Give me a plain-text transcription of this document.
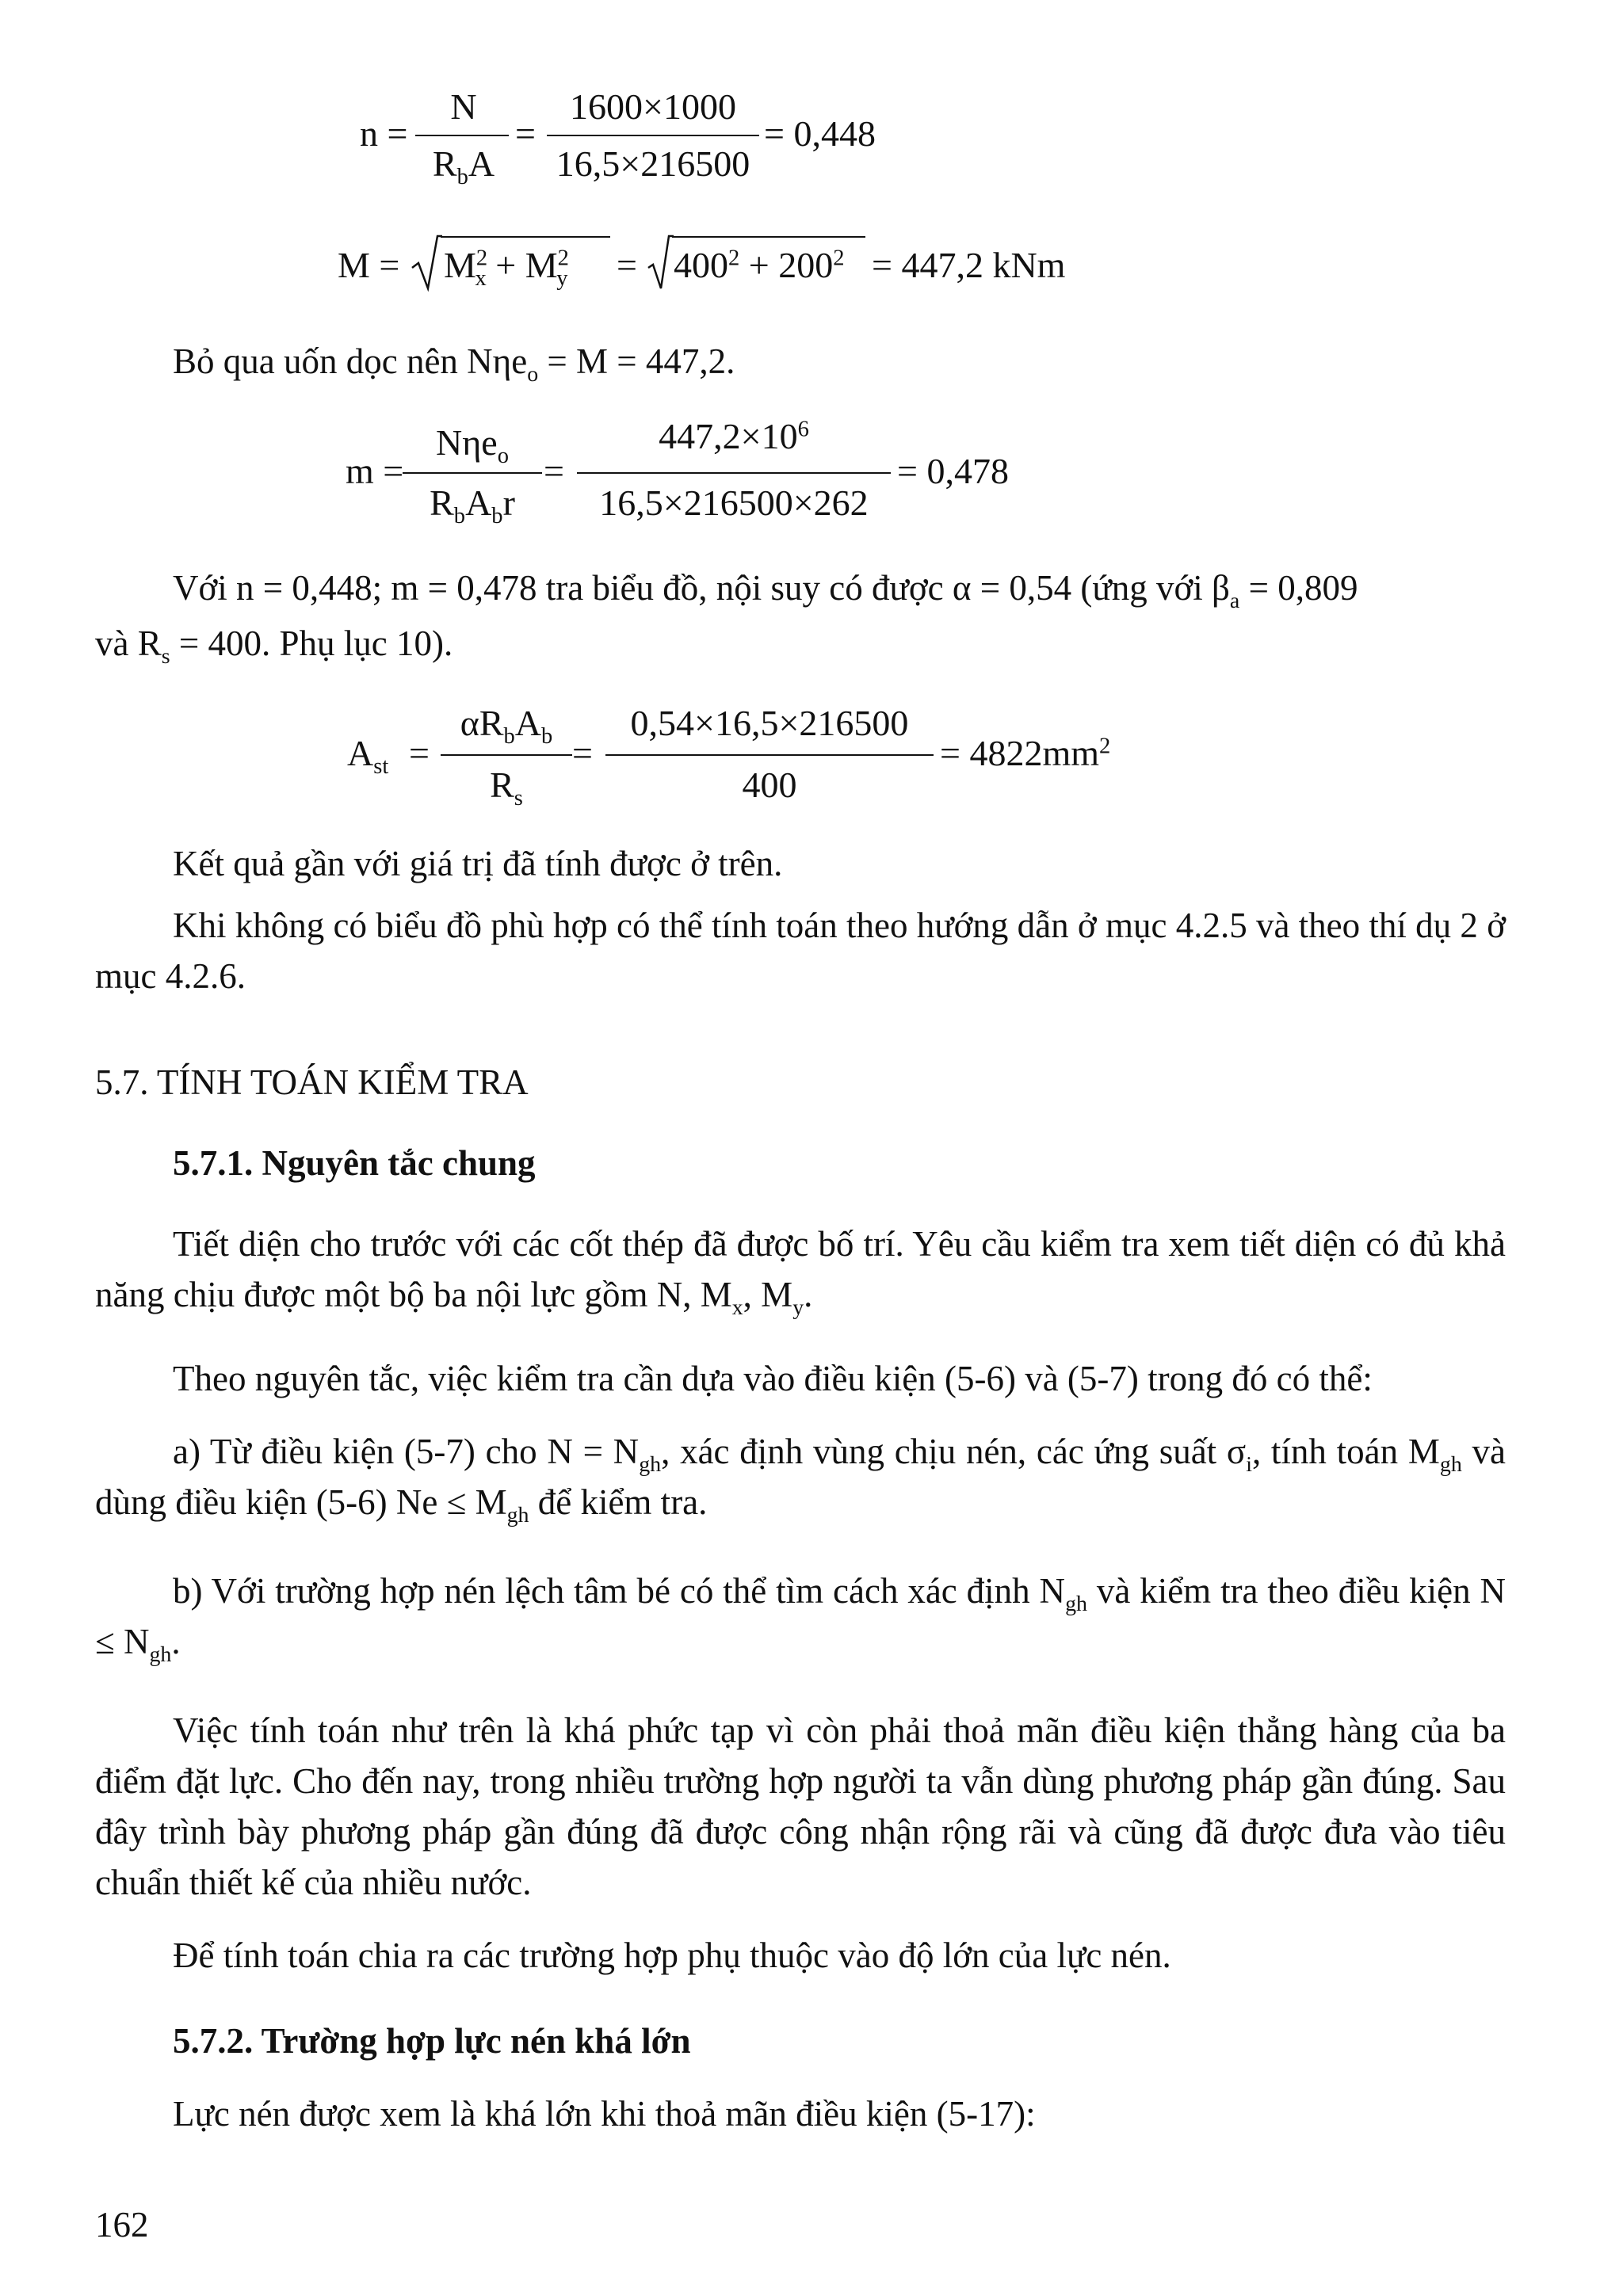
n =
N
$R_bA$
=
1600×1000
16,5×216500
= 0,448
$M = M^2_x + M^2_y = 400^2 + 200^2 = 447,2$ kNm
Bỏ qua uốn dọc nên Nηe$_o$ = M = 447,2.
m =
Nηe$_o$
$R_bA_br$
=
$447,2\times 10^6$
16,5×216500×262
= 0,478
Với n = 0,448; m = 0,478 tra biểu đồ, nội suy có được α = 0,54 (ứng với $\beta_a = 0,809$
và $R_s = 400$. Phụ lục 10).
$A_{st}$ =
$\alpha R_bA_b$
$R_s$
=
0,54×16,5×216500
400
= $4822mm^2$
Kết quả gần với giá trị đã tính được ở trên.
Khi không có biểu đồ phù hợp có thể tính toán theo hướng dẫn ở mục 4.2.5 và theo thí dụ 2 ở mục 4.2.6.
5.7. TÍNH TOÁN KIỂM TRA
5.7.1. Nguyên tắc chung
Tiết diện cho trước với các cốt thép đã được bố trí. Yêu cầu kiểm tra xem tiết diện có đủ khả năng chịu được một bộ ba nội lực gồm N, $M_x$, $M_y$.
Theo nguyên tắc, việc kiểm tra cần dựa vào điều kiện (5-6) và (5-7) trong đó có thể:
a) Từ điều kiện (5-7) cho $N = N_{gh}$, xác định vùng chịu nén, các ứng suất $\sigma_i$, tính toán $M_{gh}$ và dùng điều kiện (5-6) $Ne \le M_{gh}$ để kiểm tra.
b) Với trường hợp nén lệch tâm bé có thể tìm cách xác định $N_{gh}$ và kiểm tra theo điều kiện $N \le N_{gh}$.
Việc tính toán như trên là khá phức tạp vì còn phải thoả mãn điều kiện thẳng hàng của ba điểm đặt lực. Cho đến nay, trong nhiều trường hợp người ta vẫn dùng phương pháp gần đúng. Sau đây trình bày phương pháp gần đúng đã được công nhận rộng rãi và cũng đã được đưa vào tiêu chuẩn thiết kế của nhiều nước.
Để tính toán chia ra các trường hợp phụ thuộc vào độ lớn của lực nén.
5.7.2. Trường hợp lực nén khá lớn
Lực nén được xem là khá lớn khi thoả mãn điều kiện (5-17):
162
